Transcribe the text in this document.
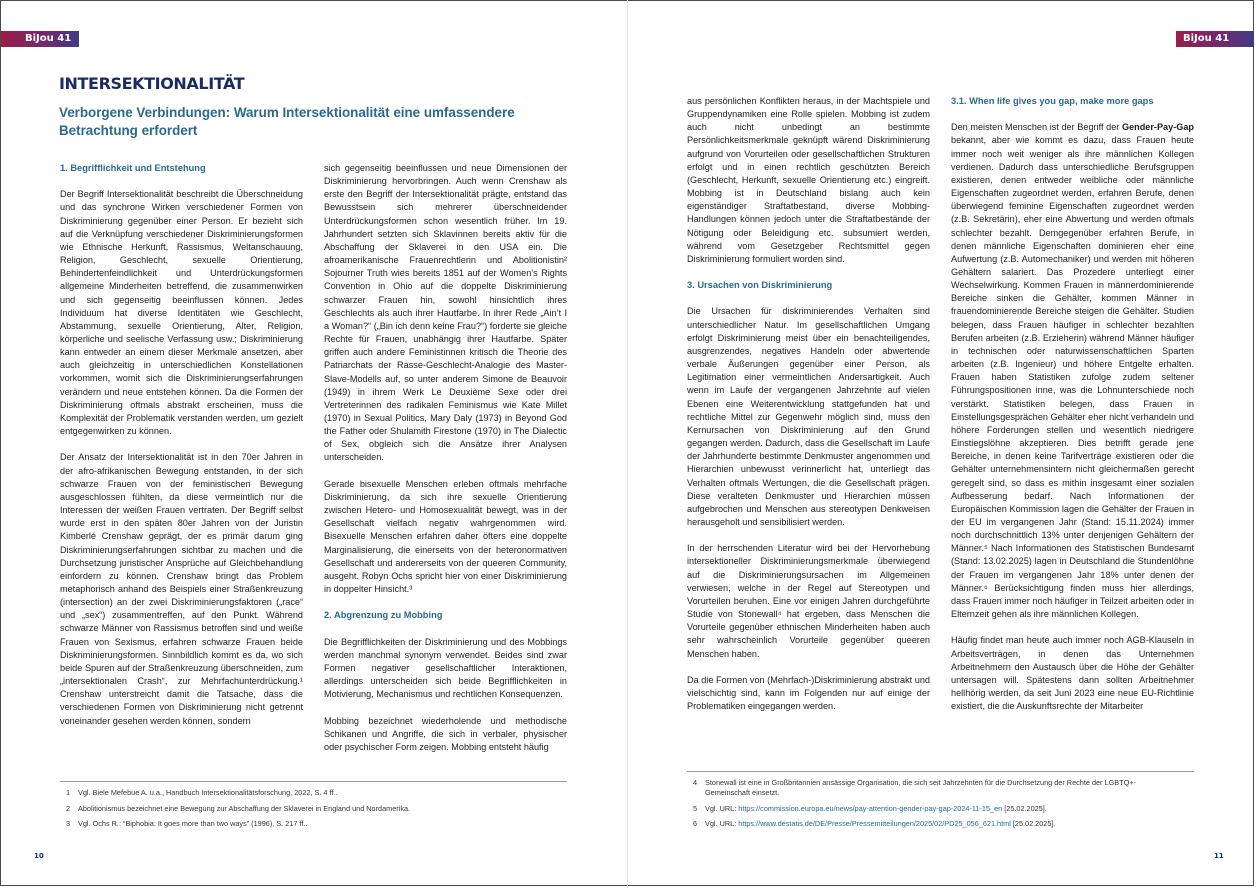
BiJou 41	BiJou 41
INTERSEKTIONALITÄT
Verborgene Verbindungen: Warum Intersektionalität eine umfassendere Betrachtung erfordert
1. Begrifflichkeit und Entstehung

Der Begriff Intersektionalität beschreibt die Überschneidung und das synchrone Wirken verschiedener Formen von Diskriminierung gegenüber einer Person. Er bezieht sich auf die Verknüpfung verschiedener Diskriminierungsformen wie Ethnische Herkunft, Rassismus, Weltanschauung, Religion, Geschlecht, sexuelle Orientierung, Behindertenfeindlichkeit und Unterdrückungsformen allgemeine Minderheiten betreffend, die zusammenwirken und sich gegenseitig beeinflussen können. Jedes Individuum hat diverse Identitäten wie Geschlecht, Abstammung, sexuelle Orientierung, Alter, Religion, körperliche und seelische Verfassung usw.; Diskriminierung kann entweder an einem dieser Merkmale ansetzen, aber auch gleichzeitig in unterschiedlichen Konstellationen vorkommen, womit sich die Diskriminierungserfahrungen verändern und neue entstehen können. Da die Formen der Diskriminierung oftmals abstrakt erscheinen, muss die Komplexität der Problematik verstanden werden, um gezielt entgegenwirken zu können.

Der Ansatz der Intersektionalität ist in den 70er Jahren in der afro-afrikanischen Bewegung entstanden, in der sich schwarze Frauen von der feministischen Bewegung ausgeschlossen fühlten, da diese vermeintlich nur die Interessen der weißen Frauen vertraten. Der Begriff selbst wurde erst in den späten 80er Jahren von der Juristin Kimberlé Crenshaw geprägt, der es primär darum ging Diskriminierungserfahrungen sichtbar zu machen und die Durchsetzung juristischer Ansprüche auf Gleichbehandlung einfordern zu können. Crenshaw bringt das Problem metaphorisch anhand des Beispiels einer Straßenkreuzung (intersection) an der zwei Diskriminierungsfaktoren („race“ und „sex“) zusammentreffen, auf den Punkt. Während schwarze Männer von Rassismus betroffen sind und weiße Frauen von Sexismus, erfahren schwarze Frauen beide Diskriminierungsformen. Sinnbildlich kommt es da, wo sich beide Spuren auf der Straßenkreuzung überschneiden, zum „intersektionalen Crash“, zur Mehrfachunterdrückung.¹ Crenshaw unterstreicht damit die Tatsache, dass die verschiedenen Formen von Diskriminierung nicht getrennt voneinander gesehen werden können, sondern

sich gegenseitig beeinflussen und neue Dimensionen der Diskriminierung hervorbringen. Auch wenn Crenshaw als erste den Begriff der Intersektionalität prägte, entstand das Bewusstsein sich mehrerer überschneidender Unterdrückungsformen schon wesentlich früher. Im 19. Jahrhundert setzten sich Sklavinnen bereits aktiv für die Abschaffung der Sklaverei in den USA ein. Die afroamerikanische Frauenrechtlerin und Abolitionistin² Sojourner Truth wies bereits 1851 auf der Women’s Rights Convention in Ohio auf die doppelte Diskriminierung schwarzer Frauen hin, sowohl hinsichtlich ihres Geschlechts als auch ihrer Hautfarbe. In ihrer Rede „Ain’t I a Woman?“ („Bin ich denn keine Frau?“) forderte sie gleiche Rechte für Frauen, unabhängig ihrer Hautfarbe. Später griffen auch andere Feministinnen kritisch die Theorie des Patriarchats der Rasse-Geschlecht-Analogie des Master-Slave-Modells auf, so unter anderem Simone de Beauvoir (1949) in ihrem Werk Le Deuxième Sexe oder drei Vertreterinnen des radikalen Feminismus wie Kate Millet (1970) in Sexual Politics, Mary Daly (1973) in Beyond God the Father oder Shulamith Firestone (1970) in The Dialectic of Sex, obgleich sich die Ansätze ihrer Analysen unterscheiden.

Gerade bisexuelle Menschen erleben oftmals mehrfache Diskriminierung, da sich ihre sexuelle Orientierung zwischen Hetero- und Homosexualität bewegt, was in der Gesellschaft vielfach negativ wahrgenommen wird. Bisexuelle Menschen erfahren daher öfters eine doppelte Marginalisierung, die einerseits von der heteronormativen Gesellschaft und andererseits von der queeren Community, ausgeht. Robyn Ochs spricht hier von einer Diskriminierung in doppelter Hinsicht.³

2. Abgrenzung zu Mobbing

Die Begrifflichkeiten der Diskriminierung und des Mobbings werden manchmal synonym verwendet. Beides sind zwar Formen negativer gesellschaftlicher Interaktionen, allerdings unterscheiden sich beide Begrifflichkeiten in Motivierung, Mechanismus und rechtlichen Konsequenzen.

Mobbing bezeichnet wiederholende und methodische Schikanen und Angriffe, die sich in verbaler, physischer oder psychischer Form zeigen. Mobbing entsteht häufig

aus persönlichen Konflikten heraus, in der Machtspiele und Gruppendynamiken eine Rolle spielen. Mobbing ist zudem auch nicht unbedingt an bestimmte Persönlichkeitsmerkmale geknüpft wärend Diskriminierung aufgrund von Vorurteilen oder gesellschaftlichen Strukturen erfolgt und in einen rechtlich geschützten Bereich (Geschlecht, Herkunft, sexuelle Orientierung etc.) eingreift. Mobbing ist in Deutschland bislang auch kein eigenständiger Straftatbestand, diverse Mobbing-Handlungen können jedoch unter die Straftatbestände der Nötigung oder Beleidigung etc. subsumiert werden, während vom Gesetzgeber Rechtsmittel gegen Diskriminierung formuliert worden sind.

3. Ursachen von Diskriminierung

Die Ursachen für diskriminierendes Verhalten sind unterschiedlicher Natur. Im gesellschaftlichen Umgang erfolgt Diskriminierung meist über ein benachteiligendes, ausgrenzendes, negatives Handeln oder abwertende verbale Äußerungen gegenüber einer Person, als Legitimation einer vermeintlichen Andersartigkeit. Auch wenn im Laufe der vergangenen Jahrzehnte auf vielen Ebenen eine Weiterentwicklung stattgefunden hat und rechtliche Mittel zur Gegenwehr möglich sind, muss den Kernursachen von Diskriminierung auf den Grund gegangen werden. Dadurch, dass die Gesellschaft im Laufe der Jahrhunderte bestimmte Denkmuster angenommen und Hierarchien unbewusst verinnerlicht hat, unterliegt das Verhalten oftmals Wertungen, die die Gesellschaft prägen. Diese veralteten Denkmuster und Hierarchien müssen aufgebrochen und Menschen aus stereotypen Denkweisen herausgeholt und sensibilisiert werden.

In der herrschenden Literatur wird bei der Hervorhebung intersektioneller Diskriminierungsmerkmale überwiegend auf die Diskriminierungsursachen im Allgemeinen verwiesen, welche in der Regel auf Stereotypen und Vorurteilen beruhen. Eine vor einigen Jahren durchgeführte Studie von Stonewall⁴ hat ergeben, dass Menschen die Vorurteile gegenüber ethnischen Minderheiten haben auch sehr wahrscheinlich Vorurteile gegenüber queeren Menschen haben.

Da die Formen von (Mehrfach-)Diskriminierung abstrakt und vielschichtig sind, kann im Folgenden nur auf einige der Problematiken eingegangen werden.

3.1. When life gives you gap, make more gaps

Den meisten Menschen ist der Begriff der Gender-Pay-Gap bekannt, aber wie kommt es dazu, dass Frauen heute immer noch weit weniger als ihre männlichen Kollegen verdienen. Dadurch dass unterschiedliche Berufsgruppen existieren, denen entweder weibliche oder männliche Eigenschaften zugeordnet werden, erfahren Berufe, denen überwiegend feminine Eigenschaften zugeordnet werden (z.B. Sekretärin), eher eine Abwertung und werden oftmals schlechter bezahlt. Demgegenüber erfahren Berufe, in denen männliche Eigenschaften dominieren eher eine Aufwertung (z.B. Automechaniker) und werden mit höheren Gehältern salariert. Das Prozedere unterliegt einer Wechselwirkung. Kommen Frauen in männerdominierende Bereiche sinken die Gehälter, kommen Männer in frauendominierende Bereiche steigen die Gehälter. Studien belegen, dass Frauen häufiger in schlechter bezahlten Berufen arbeiten (z.B. Erzieherin) während Männer häufiger in technischen oder naturwissenschaftlichen Sparten arbeiten (z.B. Ingenieur) und höhere Entgelte erhalten. Frauen haben Statistiken zufolge zudem seltener Führungspositionen inne, was die Lohnunterschiede noch verstärkt. Statistiken belegen, dass Frauen in Einstellungsgesprächen Gehälter eher nicht verhandeln und höhere Forderungen stellen und wesentlich niedrigere Einstiegslöhne akzeptieren. Dies betrifft gerade jene Bereiche, in denen keine Tarifverträge existieren oder die Gehälter unternehmensintern nicht gleichermaßen gerecht geregelt sind, so dass es mithin insgesamt einer sozialen Aufbesserung bedarf. Nach Informationen der Europäischen Kommission lagen die Gehälter der Frauen in der EU im vergangenen Jahr (Stand: 15.11.2024) immer noch durchschnittlich 13% unter denjenigen Gehältern der Männer.⁵ Nach Informationen des Statistischen Bundesamt (Stand: 13.02.2025) lagen in Deutschland die Stundenlöhne der Frauen im vergangenen Jahr 18% unter denen der Männer.⁶ Berücksichtigung finden muss hier allerdings, dass Frauen immer noch häufiger in Teilzeit arbeiten oder in Elternzeit gehen als ihre männlichen Kollegen.

Häufig findet man heute auch immer noch AGB-Klauseln in Arbeitsverträgen, in denen das Unternehmen Arbeitnehmern den Austausch über die Höhe der Gehälter untersagen will. Spätestens dann sollten Arbeitnehmer hellhörig werden, da seit Juni 2023 eine neue EU-Richtlinie existiert, die die Auskunftsrechte der Mitarbeiter

1 Vgl. Biele Mefebue A. u.a., Handbuch Intersektionalitätsforschung, 2022, S. 4 ff..
2 Abolitionismus bezeichnet eine Bewegung zur Abschaffung der Sklaverei in England und Nordamerika.
3 Vgl. Ochs R.: “Biphobia: It goes more than two ways” (1996), S. 217 ff..
4 Stonewall ist eine in Großbritannien ansässige Organisation, die sich seit Jahrzehnten für die Durchsetzung der Rechte der LGBTQ+-Gemeinschaft einsetzt.
5 Vgl. URL: https://commission.europa.eu/news/pay-attention-gender-pay-gap-2024-11-15_en [25.02.2025].
6 Vgl. URL: https://www.destatis.de/DE/Presse/Pressemitteilungen/2025/02/PD25_056_621.html [25.02.2025].
10	11
